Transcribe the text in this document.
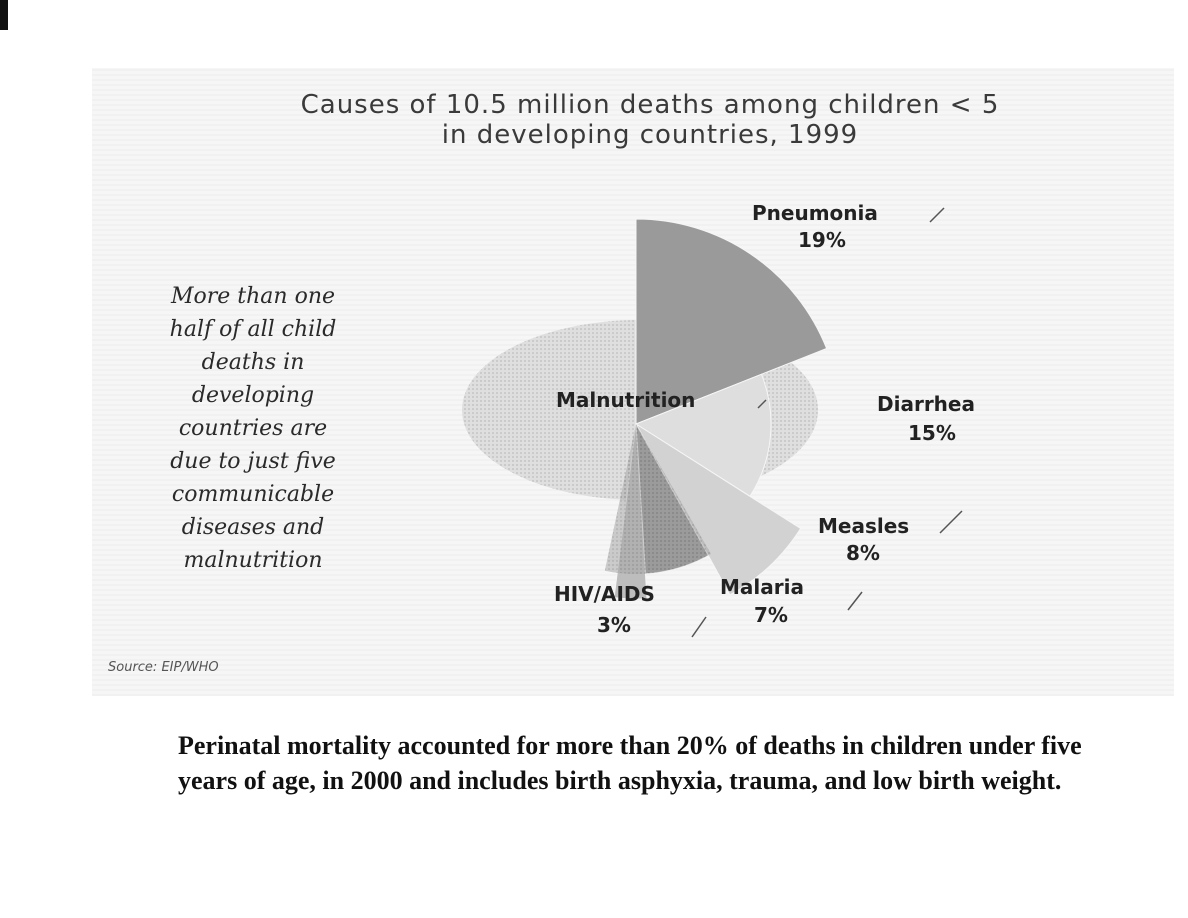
Causes of 10.5 million deaths among children < 5
in developing countries, 1999
More than one
half of all child
deaths in
developing
countries are
due to just five
communicable
diseases and
malnutrition
Malnutrition
Pneumonia
19%
Diarrhea
15%
Measles
8%
Malaria
7%
HIV/AIDS
3%
Source: EIP/WHO
Perinatal mortality accounted for more than 20% of deaths in children under five years of age, in 2000 and includes birth asphyxia, trauma, and low birth weight.
